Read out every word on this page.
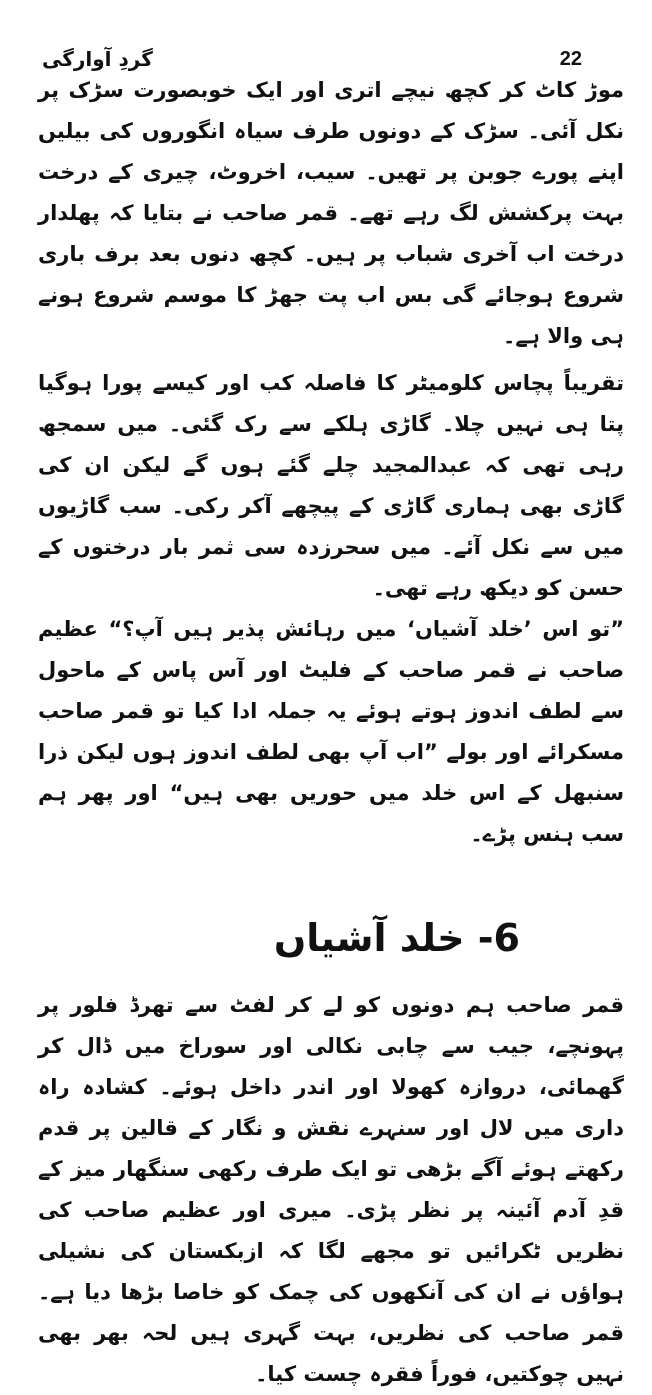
گردِ آوارگی	22

موڑ کاٹ کر کچھ نیچے اتری اور ایک خوبصورت سڑک پر نکل آئی۔ سڑک کے دونوں طرف سیاہ انگوروں کی بیلیں اپنے پورے جوبن پر تھیں۔ سیب، اخروٹ، چیری کے درخت بہت پرکشش لگ رہے تھے۔ قمر صاحب نے بتایا کہ پھلدار درخت اب آخری شباب پر ہیں۔ کچھ دنوں بعد برف باری شروع ہوجائے گی بس اب پت جھڑ کا موسم شروع ہونے ہی والا ہے۔

تقریباً پچاس کلومیٹر کا فاصلہ کب اور کیسے پورا ہوگیا پتا ہی نہیں چلا۔ گاڑی ہلکے سے رک گئی۔ میں سمجھ رہی تھی کہ عبدالمجید چلے گئے ہوں گے لیکن ان کی گاڑی بھی ہماری گاڑی کے پیچھے آکر رکی۔ سب گاڑیوں میں سے نکل آئے۔ میں سحرزدہ سی ثمر بار درختوں کے حسن کو دیکھ رہے تھی۔

”تو اس ’خلد آشیاں‘ میں رہائش پذیر ہیں آپ؟“ عظیم صاحب نے قمر صاحب کے فلیٹ اور آس پاس کے ماحول سے لطف اندوز ہوتے ہوئے یہ جملہ ادا کیا تو قمر صاحب مسکرائے اور بولے ”اب آپ بھی لطف اندوز ہوں لیکن ذرا سنبھل کے اس خلد میں حوریں بھی ہیں“ اور پھر ہم سب ہنس پڑے۔

6- خلد آشیاں

قمر صاحب ہم دونوں کو لے کر لفٹ سے تھرڈ فلور پر پہونچے، جیب سے چابی نکالی اور سوراخ میں ڈال کر گھمائی، دروازہ کھولا اور اندر داخل ہوئے۔ کشادہ راہ داری میں لال اور سنہرے نقش و نگار کے قالین پر قدم رکھتے ہوئے آگے بڑھی تو ایک طرف رکھی سنگھار میز کے قدِ آدم آئینہ پر نظر پڑی۔ میری اور عظیم صاحب کی نظریں ٹکرائیں تو مجھے لگا کہ ازبکستان کی نشیلی ہواؤں نے ان کی آنکھوں کی چمک کو خاصا بڑھا دیا ہے۔ قمر صاحب کی نظریں، بہت گہری ہیں لحہ بھر بھی نہیں چوکتیں، فوراً فقرہ چست کیا۔
